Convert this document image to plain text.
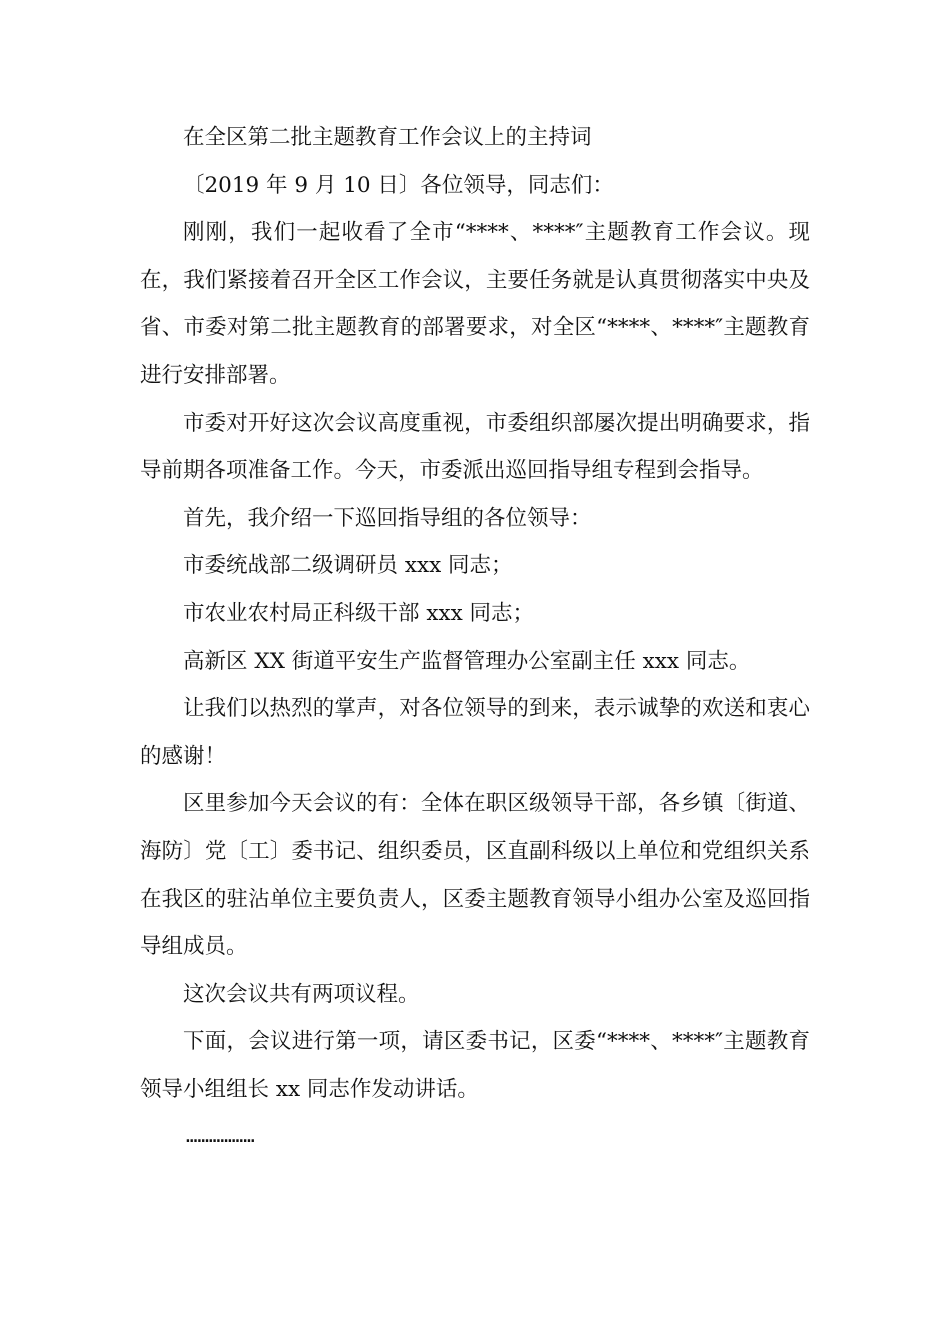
在全区第二批主题教育工作会议上的主持词

〔2019 年 9 月 10 日〕各位领导，同志们：

刚刚，我们一起收看了全市“****、****″主题教育工作会议。现在，我们紧接着召开全区工作会议，主要任务就是认真贯彻落实中央及省、市委对第二批主题教育的部署要求，对全区“****、****″主题教育进行安排部署。

市委对开好这次会议高度重视，市委组织部屡次提出明确要求，指导前期各项准备工作。今天，市委派出巡回指导组专程到会指导。

首先，我介绍一下巡回指导组的各位领导：

市委统战部二级调研员 xxx 同志；

市农业农村局正科级干部 xxx 同志；

高新区 XX 街道平安生产监督管理办公室副主任 xxx 同志。

让我们以热烈的掌声，对各位领导的到来，表示诚挚的欢送和衷心的感谢！

区里参加今天会议的有：全体在职区级领导干部，各乡镇〔街道、海防〕党〔工〕委书记、组织委员，区直副科级以上单位和党组织关系在我区的驻沾单位主要负责人，区委主题教育领导小组办公室及巡回指导组成员。

这次会议共有两项议程。

下面，会议进行第一项，请区委书记，区委“****、****″主题教育领导小组组长 xx 同志作发动讲话。

………………
